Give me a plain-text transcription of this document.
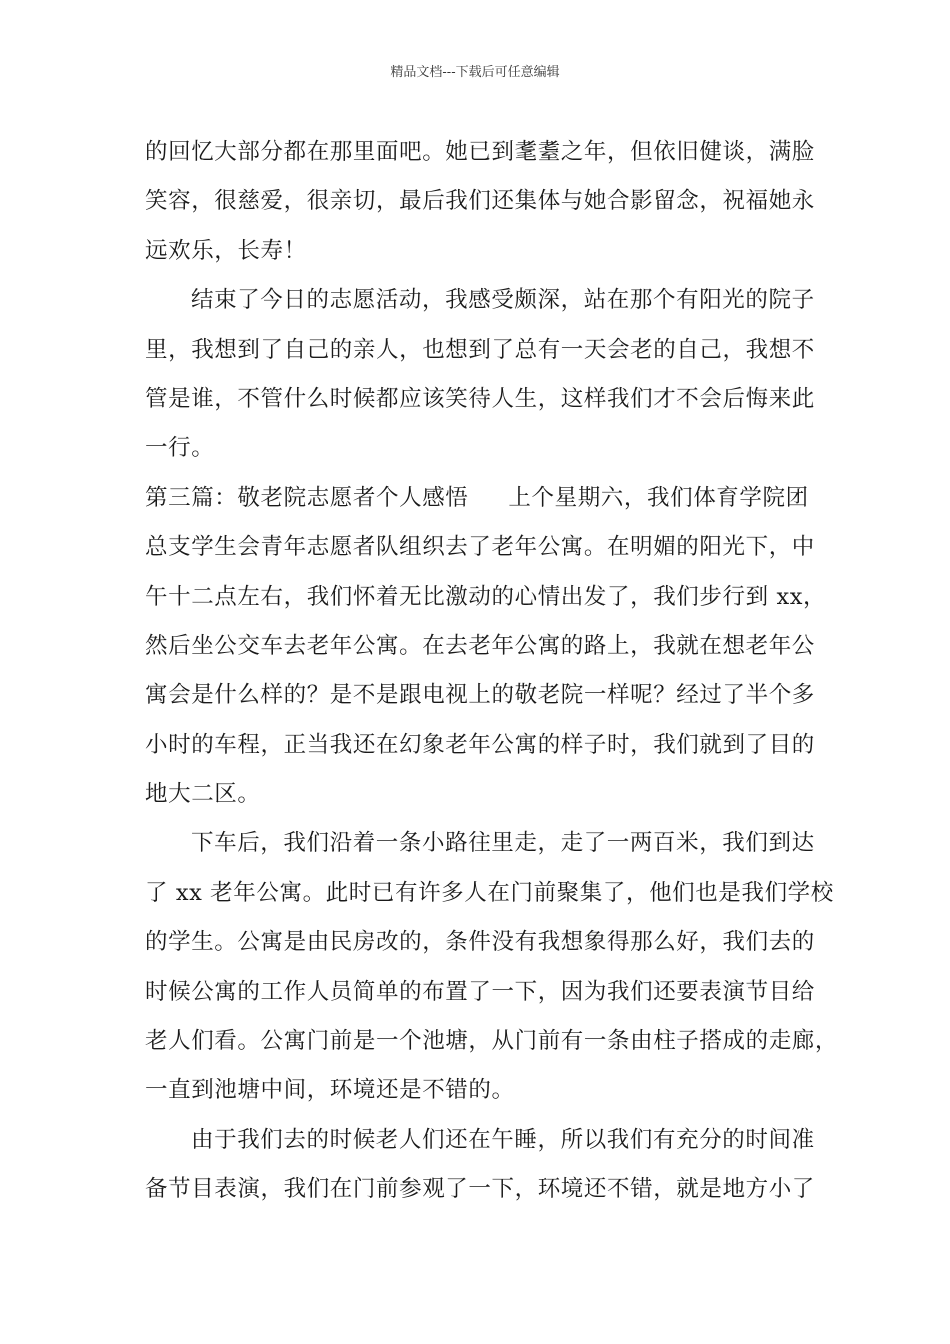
精品文档---下载后可任意编辑
的回忆大部分都在那里面吧。她已到耄耋之年，但依旧健谈，满脸
笑容，很慈爱，很亲切，最后我们还集体与她合影留念，祝福她永
远欢乐，长寿！
结束了今日的志愿活动，我感受颇深，站在那个有阳光的院子
里，我想到了自己的亲人，也想到了总有一天会老的自己，我想不
管是谁，不管什么时候都应该笑待人生，这样我们才不会后悔来此
一行。
第三篇：敬老院志愿者个人感悟 上个星期六，我们体育学院团
总支学生会青年志愿者队组织去了老年公寓。在明媚的阳光下，中
午十二点左右，我们怀着无比激动的心情出发了，我们步行到 xx，
然后坐公交车去老年公寓。在去老年公寓的路上，我就在想老年公
寓会是什么样的？是不是跟电视上的敬老院一样呢？经过了半个多
小时的车程，正当我还在幻象老年公寓的样子时，我们就到了目的
地大二区。
下车后，我们沿着一条小路往里走，走了一两百米，我们到达
了 xx 老年公寓。此时已有许多人在门前聚集了，他们也是我们学校
的学生。公寓是由民房改的，条件没有我想象得那么好，我们去的
时候公寓的工作人员简单的布置了一下，因为我们还要表演节目给
老人们看。公寓门前是一个池塘，从门前有一条由柱子搭成的走廊，
一直到池塘中间，环境还是不错的。
由于我们去的时候老人们还在午睡，所以我们有充分的时间准
备节目表演，我们在门前参观了一下，环境还不错，就是地方小了
